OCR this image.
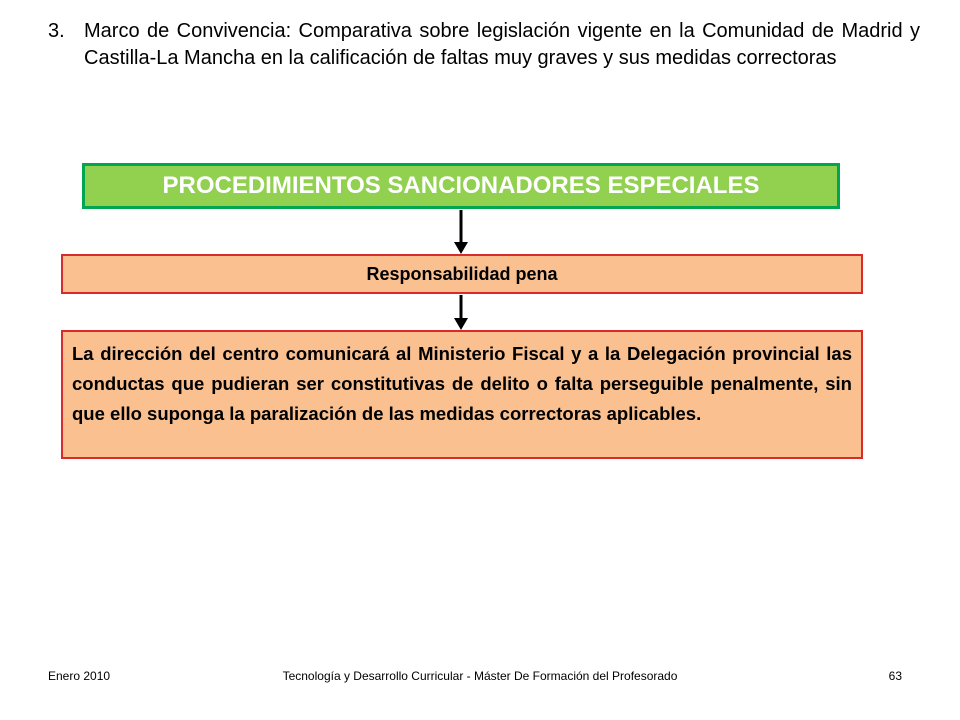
3. Marco de Convivencia: Comparativa sobre legislación vigente en la Comunidad de Madrid y Castilla-La Mancha en la calificación de faltas muy graves y sus medidas correctoras
PROCEDIMIENTOS SANCIONADORES ESPECIALES
Responsabilidad pena
La dirección del centro comunicará al Ministerio Fiscal y a la Delegación provincial las conductas que pudieran ser constitutivas de delito o falta perseguible penalmente, sin que ello suponga la paralización de las medidas correctoras aplicables.
Enero 2010	Tecnología y Desarrollo Curricular - Máster De Formación del Profesorado	63
